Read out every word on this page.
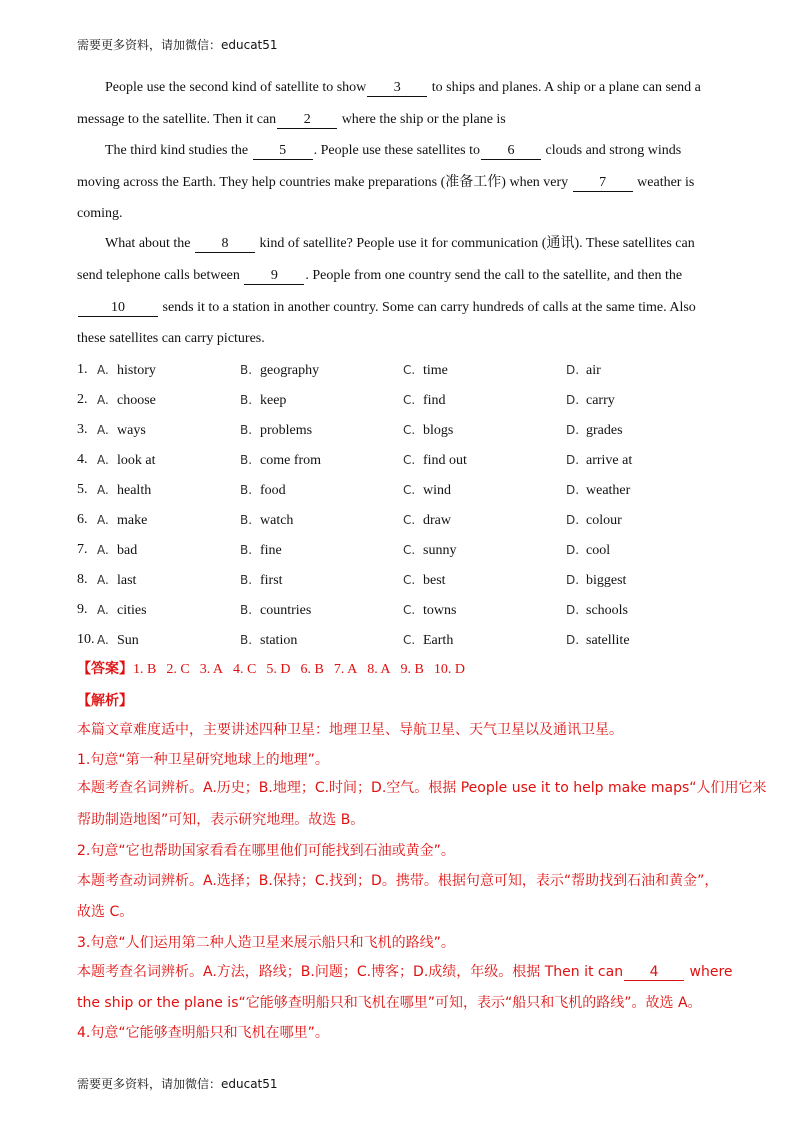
需要更多资料，请加微信：educat51
People use the second kind of satellite to show 3 to ships and planes. A ship or a plane can send a
message to the satellite. Then it can 2 where the ship or the plane is
The third kind studies the 5 . People use these satellites to 6 clouds and strong winds
moving across the Earth. They help countries make preparations (准备工作) when very 7 weather is
coming.
What about the 8 kind of satellite? People use it for communication (通讯). These satellites can
send telephone calls between 9 . People from one country send the call to the satellite, and then the
10 sends it to a station in another country. Some can carry hundreds of calls at the same time. Also
these satellites can carry pictures.
1. A. history	B. geography	C. time	D. air
2. A. choose	B. keep	C. find	D. carry
3. A. ways	B. problems	C. blogs	D. grades
4. A. look at	B. come from	C. find out	D. arrive at
5. A. health	B. food	C. wind	D. weather
6. A. make	B. watch	C. draw	D. colour
7. A. bad	B. fine	C. sunny	D. cool
8. A. last	B. first	C. best	D. biggest
9. A. cities	B. countries	C. towns	D. schools
10. A. Sun	B. station	C. Earth	D. satellite
【答案】1. B 2. C 3. A 4. C 5. D 6. B 7. A 8. A 9. B 10. D
【解析】
本篇文章难度适中，主要讲述四种卫星：地理卫星、导航卫星、天气卫星以及通讯卫星。
1.句意“第一种卫星研究地球上的地理”。
本题考查名词辨析。A.历史；B.地理；C.时间；D.空气。根据 People use it to help make maps“人们用它来
帮助制造地图”可知，表示研究地理。故选 B。
2.句意“它也帮助国家看看在哪里他们可能找到石油或黄金”。
本题考查动词辨析。A.选择；B.保持；C.找到；D。携带。根据句意可知，表示“帮助找到石油和黄金”，
故选 C。
3.句意“人们运用第二种人造卫星来展示船只和飞机的路线”。
本题考查名词辨析。A.方法，路线；B.问题；C.博客；D.成绩，年级。根据 Then it can 4 where
the ship or the plane is“它能够查明船只和飞机在哪里”可知，表示“船只和飞机的路线”。故选 A。
4.句意“它能够查明船只和飞机在哪里”。
需要更多资料，请加微信：educat51
